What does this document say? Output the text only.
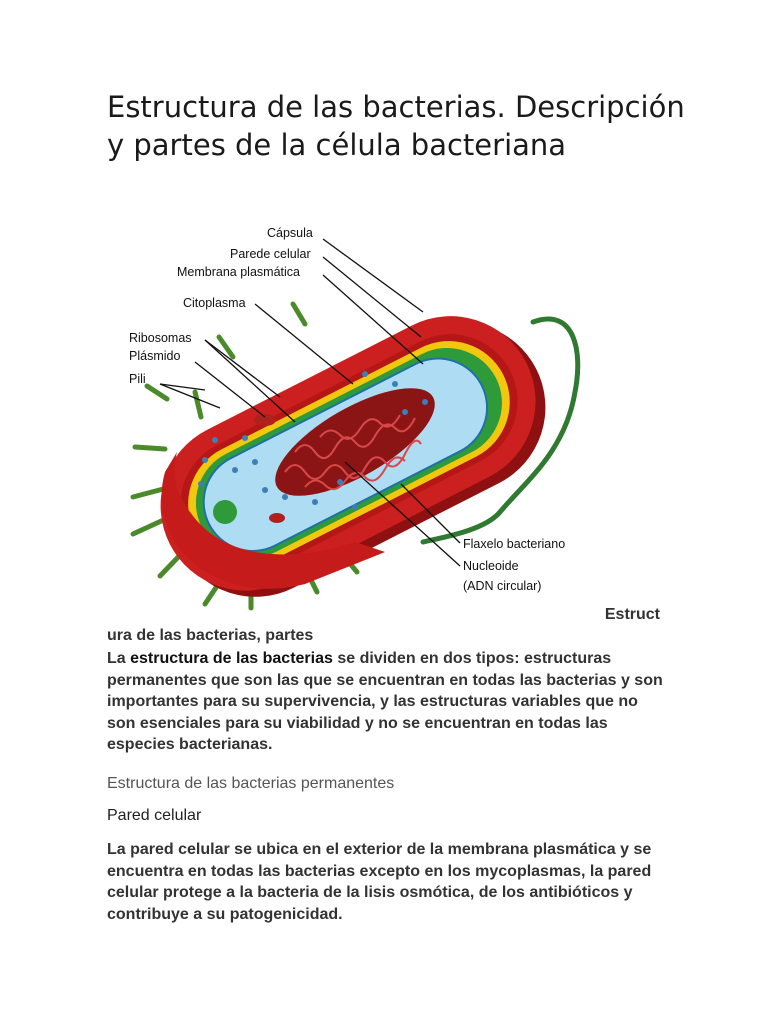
Estructura de las bacterias. Descripción y partes de la célula bacteriana
Cápsula
Parede celular
Membrana plasmática
Citoplasma
Ribosomas
Plásmido
Pili
Flaxelo bacteriano
Nucleoide
(ADN circular)

Estruct

ura de las bacterias, partes

La estructura de las bacterias se dividen en dos tipos: estructuras permanentes que son las que se encuentran en todas las bacterias y son importantes para su supervivencia, y las estructuras variables que no son esenciales para su viabilidad y no se encuentran en todas las especies bacterianas.

Estructura de las bacterias permanentes
Pared celular

La pared celular se ubica en el exterior de la membrana plasmática y se encuentra en todas las bacterias excepto en los mycoplasmas, la pared celular protege a la bacteria de la lisis osmótica, de los antibióticos y contribuye a su patogenicidad.
